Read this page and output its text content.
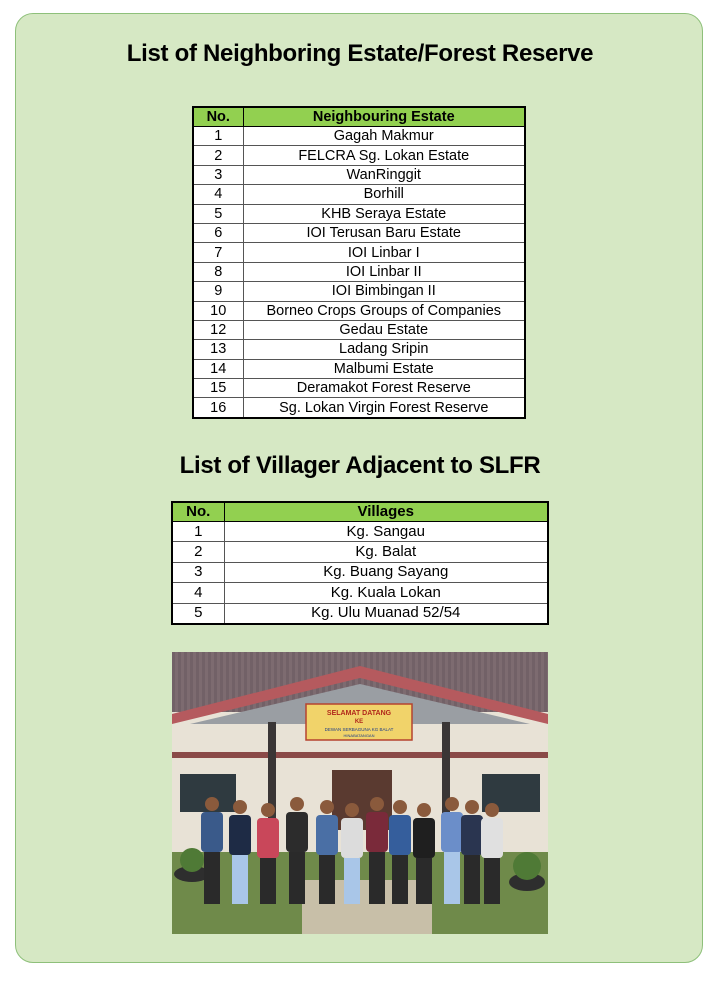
List of Neighboring Estate/Forest Reserve
No.	Neighbouring Estate
1	Gagah Makmur
2	FELCRA Sg. Lokan Estate
3	WanRinggit
4	Borhill
5	KHB Seraya Estate
6	IOI Terusan Baru Estate
7	IOI Linbar I
8	IOI Linbar II
9	IOI Bimbingan II
10	Borneo Crops Groups of Companies
12	Gedau Estate
13	Ladang Sripin
14	Malbumi Estate
15	Deramakot Forest Reserve
16	Sg. Lokan Virgin Forest Reserve
List of Villager Adjacent to SLFR
No.	Villages
1	Kg. Sangau
2	Kg. Balat
3	Kg. Buang Sayang
4	Kg. Kuala Lokan
5	Kg. Ulu Muanad 52/54
SELAMAT DATANG
KE
DEWAN SERBAGUNA KG BALAT
HINABATANGAN
